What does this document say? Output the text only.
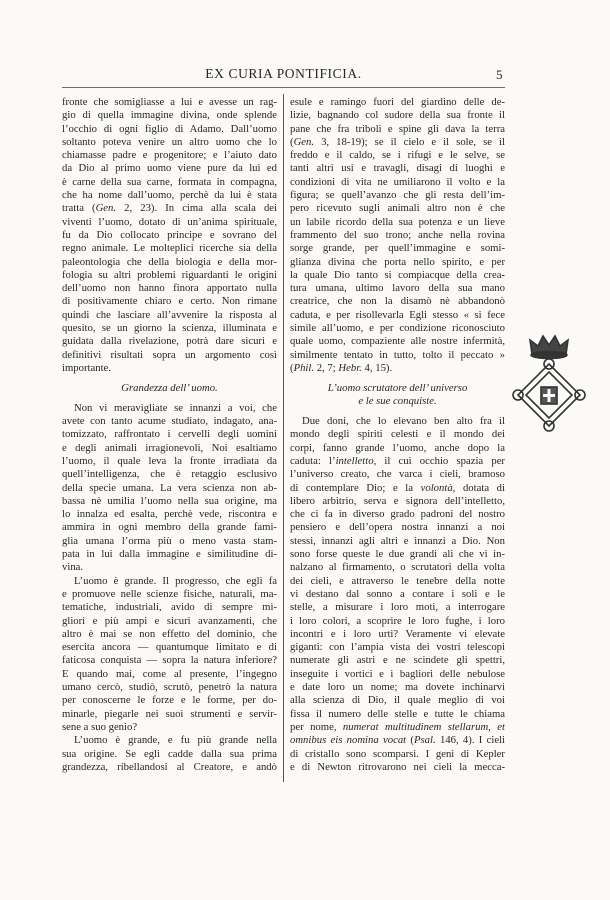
EX CURIA PONTIFICIA.	5
fronte che somigliasse a lui e avesse un rag-
gio di quella immagine divina, onde splende
l’occhio di ogni figlio di Adamo. Dall’uomo
soltanto poteva venire un altro uomo che lo
chiamasse padre e progenitore; e l’aiuto dato
da Dio al primo uomo viene pure da lui ed
è carne della sua carne, formata in compagna,
che ha nome dall’uomo, perchè da lui è stata
tratta (Gen. 2, 23). In cima alla scala dei
viventi l’uomo, dotato di un’anima spirituale,
fu da Dio collocato principe e sovrano del
regno animale. Le molteplici ricerche sia della
paleontologia che della biologia e della mor-
fologia su altri problemi riguardanti le origini
dell’uomo non hanno finora apportato nulla
di positivamente chiaro e certo. Non rimane
quindi che lasciare all’avvenire la risposta al
quesito, se un giorno la scienza, illuminata e
guidata dalla rivelazione, potrà dare sicuri e
definitivi risultati sopra un argomento così
importante.
Grandezza dell’ uomo.
Non vi meravigliate se innanzi a voi, che
avete con tanto acume studiato, indagato, ana-
tomizzato, raffrontato i cervelli degli uomini
e degli animali irragionevoli, Noi esaltiamo
l’uomo, il quale leva la fronte irradiata da
quell’intelligenza, che è retaggio esclusivo
della specie umana. La vera scienza non ab-
bassa nè umilia l’uomo nella sua origine, ma
lo innalza ed esalta, perchè vede, riscontra e
ammira in ogni membro della grande fami-
glia umana l’orma più o meno vasta stam-
pata in lui dalla immagine e similitudine di-
vina.
L’uomo è grande. Il progresso, che egli fa
e promuove nelle scienze fisiche, naturali, ma-
tematiche, industriali, avido di sempre mi-
gliori e più ampi e sicuri avanzamenti, che
altro è mai se non effetto del dominio, che
esercita ancora — quantumque limitato e di
faticosa conquista — sopra la natura inferiore?
E quando mai, come al presente, l’ingegno
umano cercò, studiò, scrutò, penetrò la natura
per conoscerne le forze e le forme, per do-
minarle, piegarle nei suoi strumenti e servir-
sene a suo genio?
L’uomo è grande, e fu più grande nella
sua origine. Se egli cadde dalla sua prima
grandezza, ribellandosi al Creatore, e andò
esule e ramingo fuori del giardino delle de-
lizie, bagnando col sudore della sua fronte il
pane che fra triboli e spine gli dava la terra
(Gen. 3, 18-19); se il cielo e il sole, se il
freddo e il caldo, se i rifugi e le selve, se
tanti altri usi e travagli, disagi di luoghi e
condizioni di vita ne umiliarono il volto e la
figura; se quell’avanzo che gli resta dell’im-
pero ricevuto sugli animali altro non è che
un labile ricordo della sua potenza e un lieve
frammento del suo trono; anche nella rovina
sorge grande, per quell’immagine e somi-
glianza divina che porta nello spirito, e per
la quale Dio tanto si compiacque della crea-
tura umana, ultimo lavoro della sua mano
creatrice, che non la disamò nè abbandonò
caduta, e per risollevarla Egli stesso « si fece
simile all’uomo, e per condizione riconosciuto
quale uomo, compaziente alle nostre infermità,
similmente tentato in tutto, tolto il peccato »
(Phil. 2, 7; Hebr. 4, 15).
L’uomo scrutatore dell’ universo
e le sue conquiste.
Due doni, che lo elevano ben alto fra il
mondo degli spiriti celesti e il mondo dei
corpi, fanno grande l’uomo, anche dopo la
caduta: l’intelletto, il cui occhio spazia per
l’universo creato, che varca i cieli, bramoso
di contemplare Dio; e la volontà, dotata di
libero arbitrio, serva e signora dell’intelletto,
che ci fa in diverso grado padroni del nostro
pensiero e dell’opera nostra innanzi a noi
stessi, innanzi agli altri e innanzi a Dio. Non
sono forse queste le due grandi ali che vi in-
nalzano al firmamento, o scrutatori della volta
dei cieli, e attraverso le tenebre della notte
vi destano dal sonno a contare i soli e le
stelle, a misurare i loro moti, a interrogare
i loro colori, a scoprire le loro fughe, i loro
incontri e i loro urti? Veramente vi elevate
giganti: con l’ampia vista dei vostri telescopi
numerate gli astri e ne scindete gli spettri,
inseguite i vortici e i bagliori delle nebulose
e date loro un nome; ma dovete inchinarvi
alla scienza di Dio, il quale meglio di voi
fissa il numero delle stelle e tutte le chiama
per nome, numerat multitudinem stellarum, et
omnibus eis nomina vocat (Psal. 146, 4). I cieli
di cristallo sono scomparsi. I geni di Kepler
e di Newton ritrovarono nei cieli la mecca-
